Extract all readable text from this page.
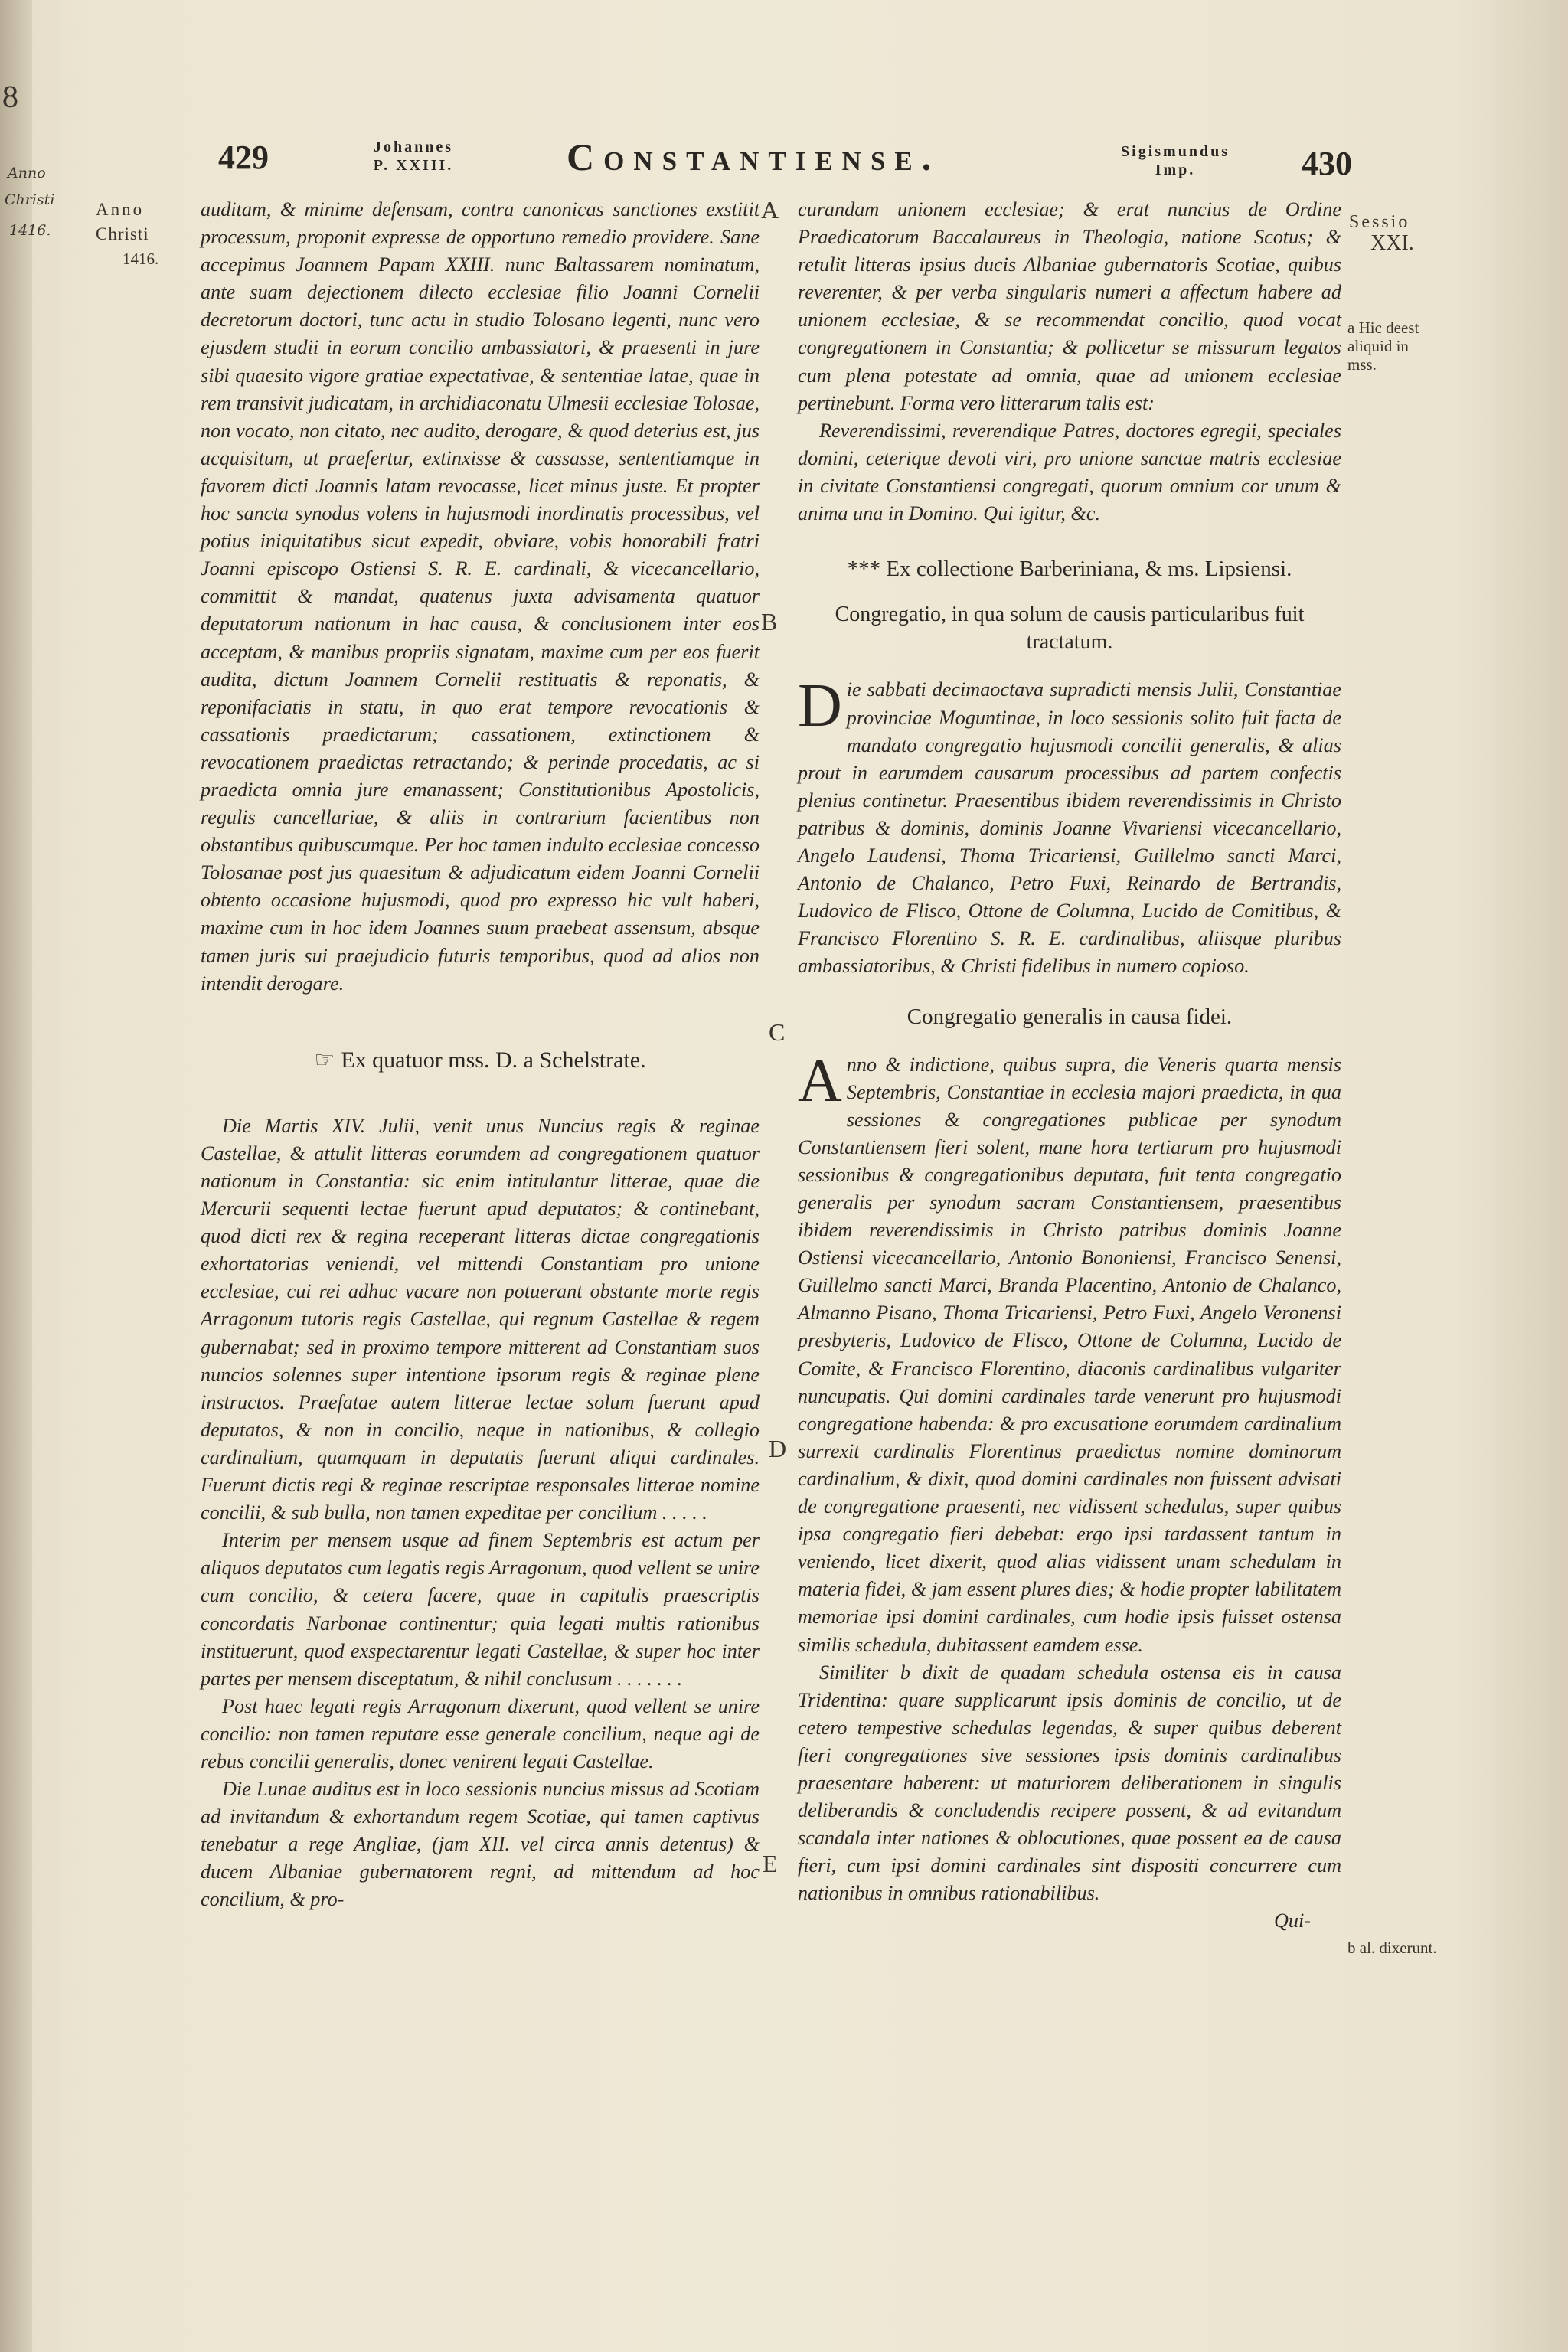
8
Anno
Christi
1416.
429	Johannes
P. XXIII.	Constantiense.	Sigismundus
Imp.	430
Anno
Christi
1416.
Sessio
XXI.
a Hic deest aliquid in mss.
b al. dixerunt.
A
B
C
D
E

auditam, & minime defensam, contra canonicas sanctiones exstitit processum, proponit expresse de opportuno remedio providere. Sane accepimus Joannem Papam XXIII. nunc Baltassarem nominatum, ante suam dejectionem dilecto ecclesiae filio Joanni Cornelii decretorum doctori, tunc actu in studio Tolosano legenti, nunc vero ejusdem studii in eorum concilio ambassiatori, & praesenti in jure sibi quaesito vigore gratiae expectativae, & sententiae latae, quae in rem transivit judicatam, in archidiaconatu Ulmesii ecclesiae Tolosae, non vocato, non citato, nec audito, derogare, & quod deterius est, jus acquisitum, ut praefertur, extinxisse & cassasse, sententiamque in favorem dicti Joannis latam revocasse, licet minus juste. Et propter hoc sancta synodus volens in hujusmodi inordinatis processibus, vel potius iniquitatibus sicut expedit, obviare, vobis honorabili fratri Joanni episcopo Ostiensi S. R. E. cardinali, & vicecancellario, committit & mandat, quatenus juxta advisamenta quatuor deputatorum nationum in hac causa, & conclusionem inter eos acceptam, & manibus propriis signatam, maxime cum per eos fuerit audita, dictum Joannem Cornelii restituatis & reponatis, & reponifaciatis in statu, in quo erat tempore revocationis & cassationis praedictarum; cassationem, extinctionem & revocationem praedictas retractando; & perinde procedatis, ac si praedicta omnia jure emanassent; Constitutionibus Apostolicis, regulis cancellariae, & aliis in contrarium facientibus non obstantibus quibuscumque. Per hoc tamen indulto ecclesiae concesso Tolosanae post jus quaesitum & adjudicatum eidem Joanni Cornelii obtento occasione hujusmodi, quod pro expresso hic vult haberi, maxime cum in hoc idem Joannes suum praebeat assensum, absque tamen juris sui praejudicio futuris temporibus, quod ad alios non intendit derogare.

☞ Ex quatuor mss. D. a Schelstrate.

Die Martis XIV. Julii, venit unus Nuncius regis & reginae Castellae, & attulit litteras eorumdem ad congregationem quatuor nationum in Constantia: sic enim intitulantur litterae, quae die Mercurii sequenti lectae fuerunt apud deputatos; & continebant, quod dicti rex & regina receperant litteras dictae congregationis exhortatorias veniendi, vel mittendi Constantiam pro unione ecclesiae, cui rei adhuc vacare non potuerant obstante morte regis Arragonum tutoris regis Castellae, qui regnum Castellae & regem gubernabat; sed in proximo tempore mitterent ad Constantiam suos nuncios solennes super intentione ipsorum regis & reginae plene instructos. Praefatae autem litterae lectae solum fuerunt apud deputatos, & non in concilio, neque in nationibus, & collegio cardinalium, quamquam in deputatis fuerunt aliqui cardinales. Fuerunt dictis regi & reginae rescriptae responsales litterae nomine concilii, & sub bulla, non tamen expeditae per concilium . . . . .

Interim per mensem usque ad finem Septembris est actum per aliquos deputatos cum legatis regis Arragonum, quod vellent se unire cum concilio, & cetera facere, quae in capitulis praescriptis concordatis Narbonae continentur; quia legati multis rationibus instituerunt, quod exspectarentur legati Castellae, & super hoc inter partes per mensem disceptatum, & nihil conclusum . . . . . . .

Post haec legati regis Arragonum dixerunt, quod vellent se unire concilio: non tamen reputare esse generale concilium, neque agi de rebus concilii generalis, donec venirent legati Castellae.

Die Lunae auditus est in loco sessionis nuncius missus ad Scotiam ad invitandum & exhortandum regem Scotiae, qui tamen captivus tenebatur a rege Angliae, (jam XII. vel circa annis detentus) & ducem Albaniae gubernatorem regni, ad mittendum ad hoc concilium, & pro-

curandam unionem ecclesiae; & erat nuncius de Ordine Praedicatorum Baccalaureus in Theologia, natione Scotus; & retulit litteras ipsius ducis Albaniae gubernatoris Scotiae, quibus reverenter, & per verba singularis numeri a affectum habere ad unionem ecclesiae, & se recommendat concilio, quod vocat congregationem in Constantia; & pollicetur se missurum legatos cum plena potestate ad omnia, quae ad unionem ecclesiae pertinebunt. Forma vero litterarum talis est:

Reverendissimi, reverendique Patres, doctores egregii, speciales domini, ceterique devoti viri, pro unione sanctae matris ecclesiae in civitate Constantiensi congregati, quorum omnium cor unum & anima una in Domino. Qui igitur, &c.

*** Ex collectione Barberiniana, & ms. Lipsiensi.
Congregatio, in qua solum de causis particularibus fuit tractatum.

Die sabbati decimaoctava supradicti mensis Julii, Constantiae provinciae Moguntinae, in loco sessionis solito fuit facta de mandato congregatio hujusmodi concilii generalis, & alias prout in earumdem causarum processibus ad partem confectis plenius continetur. Praesentibus ibidem reverendissimis in Christo patribus & dominis, dominis Joanne Vivariensi vicecancellario, Angelo Laudensi, Thoma Tricariensi, Guillelmo sancti Marci, Antonio de Chalanco, Petro Fuxi, Reinardo de Bertrandis, Ludovico de Flisco, Ottone de Columna, Lucido de Comitibus, & Francisco Florentino S. R. E. cardinalibus, aliisque pluribus ambassiatoribus, & Christi fidelibus in numero copioso.

Congregatio generalis in causa fidei.

Anno & indictione, quibus supra, die Veneris quarta mensis Septembris, Constantiae in ecclesia majori praedicta, in qua sessiones & congregationes publicae per synodum Constantiensem fieri solent, mane hora tertiarum pro hujusmodi sessionibus & congregationibus deputata, fuit tenta congregatio generalis per synodum sacram Constantiensem, praesentibus ibidem reverendissimis in Christo patribus dominis Joanne Ostiensi vicecancellario, Antonio Bononiensi, Francisco Senensi, Guillelmo sancti Marci, Branda Placentino, Antonio de Chalanco, Almanno Pisano, Thoma Tricariensi, Petro Fuxi, Angelo Veronensi presbyteris, Ludovico de Flisco, Ottone de Columna, Lucido de Comite, & Francisco Florentino, diaconis cardinalibus vulgariter nuncupatis. Qui domini cardinales tarde venerunt pro hujusmodi congregatione habenda: & pro excusatione eorumdem cardinalium surrexit cardinalis Florentinus praedictus nomine dominorum cardinalium, & dixit, quod domini cardinales non fuissent advisati de congregatione praesenti, nec vidissent schedulas, super quibus ipsa congregatio fieri debebat: ergo ipsi tardassent tantum in veniendo, licet dixerit, quod alias vidissent unam schedulam in materia fidei, & jam essent plures dies; & hodie propter labilitatem memoriae ipsi domini cardinales, cum hodie ipsis fuisset ostensa similis schedula, dubitassent eamdem esse.

Similiter b dixit de quadam schedula ostensa eis in causa Tridentina: quare supplicarunt ipsis dominis de concilio, ut de cetero tempestive schedulas legendas, & super quibus deberent fieri congregationes sive sessiones ipsis dominis cardinalibus praesentare haberent: ut maturiorem deliberationem in singulis deliberandis & concludendis recipere possent, & ad evitandum scandala inter nationes & oblocutiones, quae possent ea de causa fieri, cum ipsi domini cardinales sint dispositi concurrere cum nationibus in omnibus rationabilibus.

Qui-
